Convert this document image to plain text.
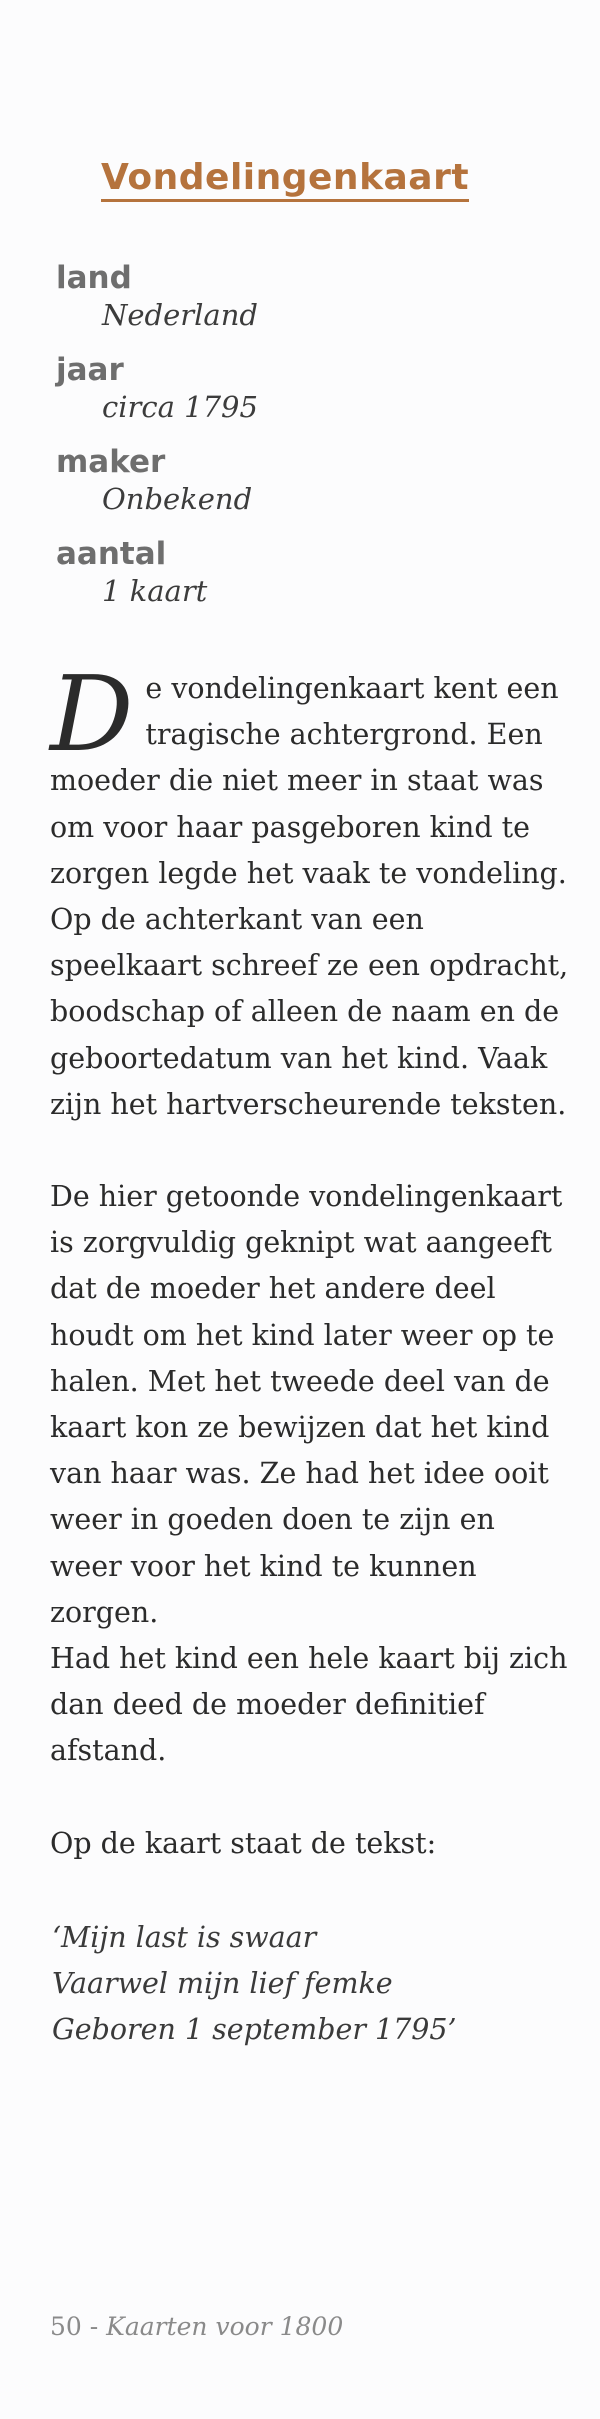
Vondelingenkaart
land
Nederland
jaar
circa 1795
maker
Onbekend
aantal
1 kaart

De vondelingenkaart kent een tragische achtergrond. Een moeder die niet meer in staat was om voor haar pasgeboren kind te zorgen legde het vaak te vondeling. Op de achterkant van een speelkaart schreef ze een opdracht, boodschap of alleen de naam en de geboortedatum van het kind. Vaak zijn het hartverscheurende teksten.

De hier getoonde vondelingenkaart is zorgvuldig geknipt wat aangeeft dat de moeder het andere deel houdt om het kind later weer op te halen. Met het tweede deel van de kaart kon ze bewijzen dat het kind van haar was. Ze had het idee ooit weer in goeden doen te zijn en weer voor het kind te kunnen zorgen.

Had het kind een hele kaart bij zich dan deed de moeder definitief afstand.

Op de kaart staat de tekst:

‘Mijn last is swaar
Vaarwel mijn lief femke
Geboren 1 september 1795’
50 - Kaarten voor 1800
